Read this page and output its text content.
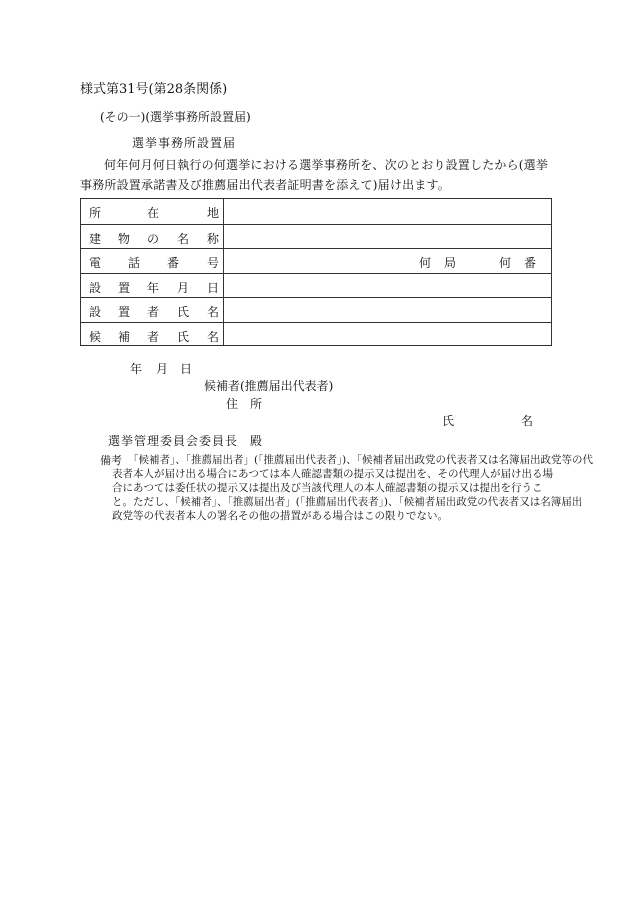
様式第31号(第28条関係)
(その一)(選挙事務所設置届)
選挙事務所設置届
何年何月何日執行の何選挙における選挙事務所を、次のとおり設置したから(選挙
事務所設置承諾書及び推薦届出代表者証明書を添えて)届け出ます。
所	在	地
建 物 の 名 称
電 話 番 号	何 局	何 番
設 置 年 月 日
設 置 者 氏 名
候 補 者 氏 名
年 月 日
候補者(推薦届出代表者)
住 所
氏	名
選挙管理委員会委員長 殿
備考 「候補者」、「推薦届出者」(「推薦届出代表者」)、「候補者届出政党の代表者又は名簿届出政党等の代
表者本人が届け出る場合にあつては本人確認書類の提示又は提出を、その代理人が届け出る場
合にあつては委任状の提示又は提出及び当該代理人の本人確認書類の提示又は提出を行うこ
と。ただし、「候補者」、「推薦届出者」(「推薦届出代表者」)、「候補者届出政党の代表者又は名簿届出
政党等の代表者本人の署名その他の措置がある場合はこの限りでない。
